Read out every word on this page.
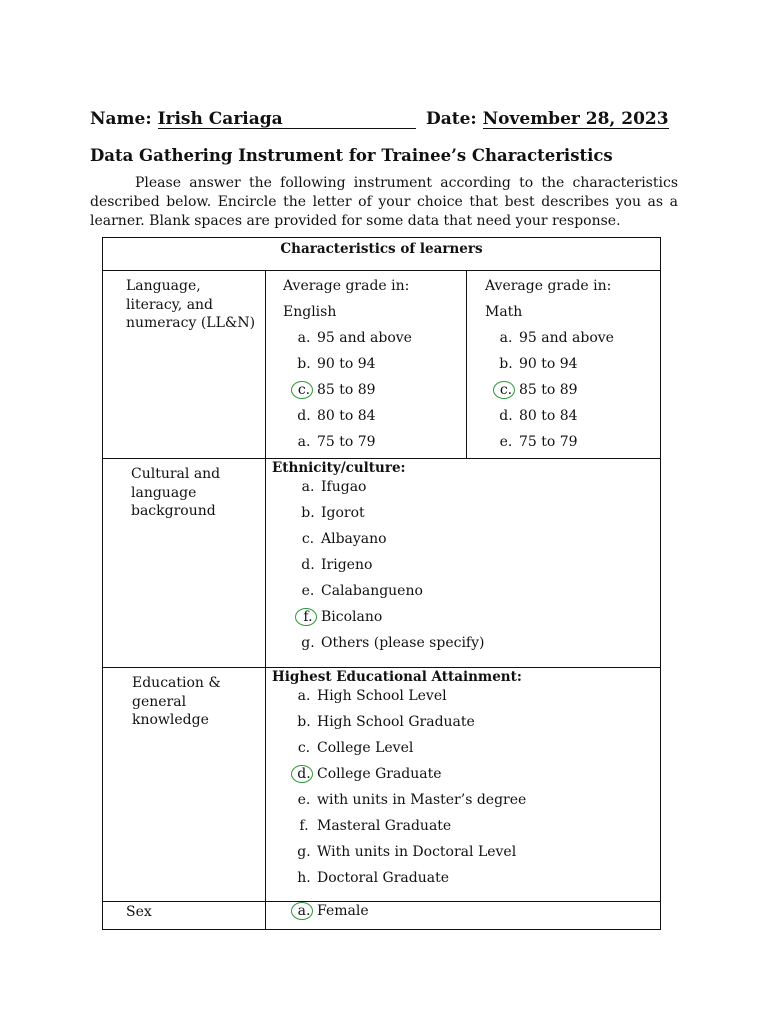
Name: Irish Cariaga	Date: November 28, 2023
Data Gathering Instrument for Trainee’s Characteristics

Please answer the following instrument according to the characteristics described below. Encircle the letter of your choice that best describes you as a learner. Blank spaces are provided for some data that need your response.

Characteristics of learners
Language, literacy, and numeracy (LL&N)
Average grade in:
English
a. 95 and above
b. 90 to 94
c. 85 to 89
d. 80 to 84
a. 75 to 79
Average grade in:
Math
a. 95 and above
b. 90 to 94
c. 85 to 89
d. 80 to 84
e. 75 to 79
Cultural and language background
Ethnicity/culture:
a. Ifugao
b. Igorot
c. Albayano
d. Irigeno
e. Calabangueno
f. Bicolano
g. Others (please specify)
Education & general knowledge
Highest Educational Attainment:
a. High School Level
b. High School Graduate
c. College Level
d. College Graduate
e. with units in Master’s degree
f. Masteral Graduate
g. With units in Doctoral Level
h. Doctoral Graduate
Sex	a. Female
